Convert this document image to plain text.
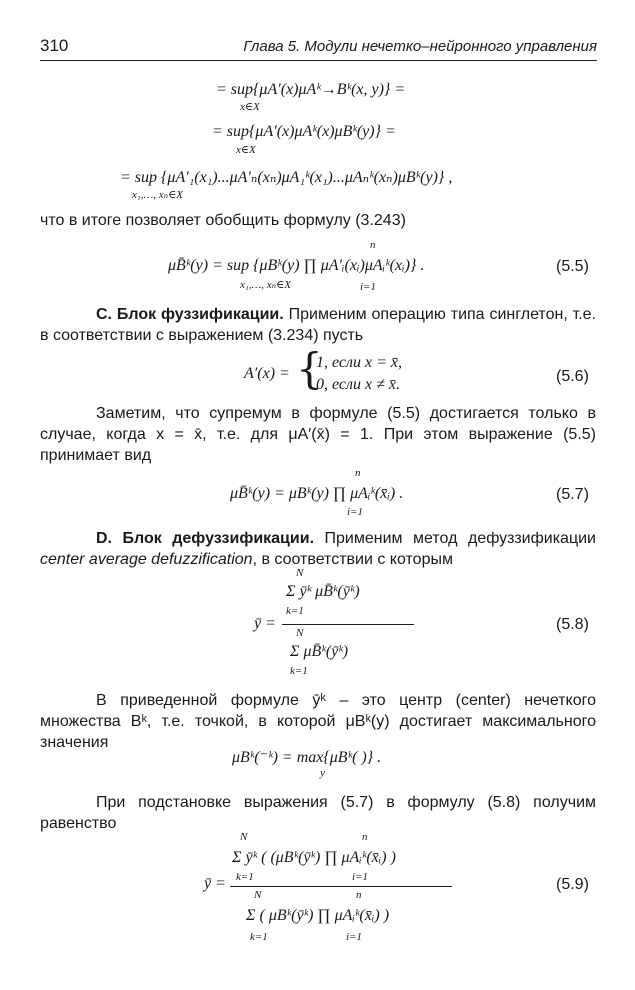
310	Глава 5. Модули нечетко–нейронного управления
= sup{μA′(x)μAᵏ→Bᵏ(x, y)} =
x∈X
= sup{μA′(x)μAᵏ(x)μBᵏ(y)} =
x∈X
= sup {μA′₁(x₁)...μA′ₙ(xₙ)μA₁ᵏ(x₁)...μAₙᵏ(xₙ)μBᵏ(y)} ,
x₁,…, xₙ∈X
что в итоге позволяет обобщить формулу (3.243)
μB̄ᵏ(y) = sup {μBᵏ(y) ∏ μA′ᵢ(xᵢ)μAᵢᵏ(xᵢ)} .
n
i=1
x₁,…, xₙ∈X
(5.5)
C. Блок фуззификации. Применим операцию типа синглетон, т.е. в соответствии с выражением (3.234) пусть
A′(x) = {
1, если x = x̄,
0, если x ≠ x̄.	(5.6)
Заметим, что супремум в формуле (5.5) достигается только в случае, когда x = x̄, т.е. для μA′(x̄) = 1. При этом выражение (5.5) принимает вид
μB̄ᵏ(y) = μBᵏ(y) ∏ μAᵢᵏ(x̄ᵢ) .
n
i=1
(5.7)
D. Блок дефуззификации. Применим метод дефуззификации center average defuzzification, в соответствии с которым
N
Σ ȳᵏ μB̄ᵏ(ȳᵏ)
k=1
ȳ =
N
Σ μB̄ᵏ(ȳᵏ)
k=1
(5.8)
В приведенной формуле ȳᵏ – это центр (center) нечеткого множества Bᵏ, т.е. точкой, в которой μBᵏ(y) достигает максимального значения
μBᵏ(⁻ᵏ) = max{μBᵏ( )} .
y
При подстановке выражения (5.7) в формулу (5.8) получим равенство
N	n
Σ ȳᵏ ( (μBᵏ(ȳᵏ) ∏ μAᵢᵏ(x̄ᵢ) )
k=1	i=1
ȳ =
N	n
Σ ( μBᵏ(ȳᵏ) ∏ μAᵢᵏ(x̄ᵢ) )
k=1	i=1
(5.9)
